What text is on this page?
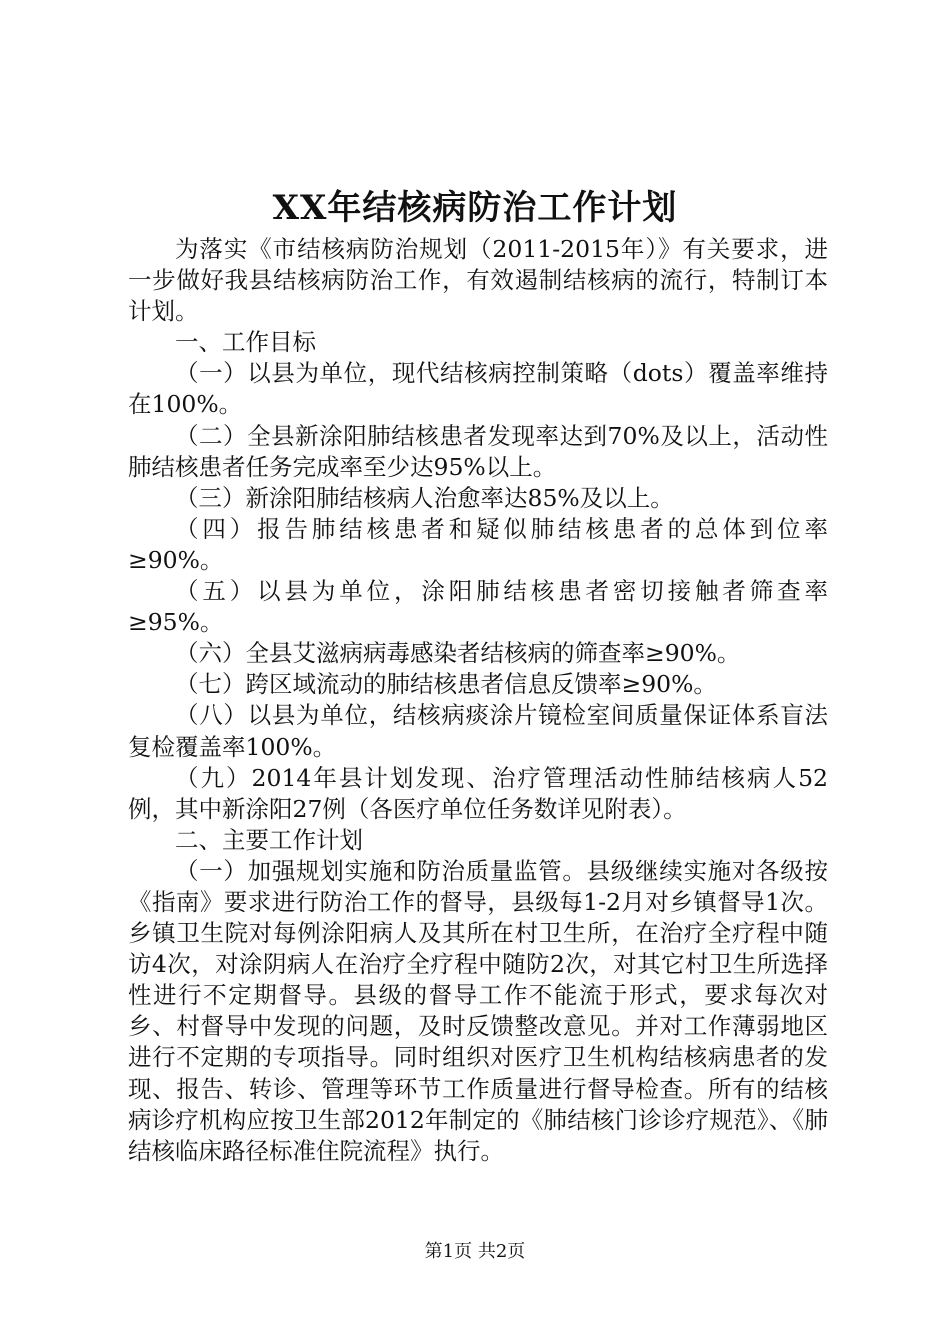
XX年结核病防治工作计划

为落实《市结核病防治规划（2011-2015年）》有关要求，进一步做好我县结核病防治工作，有效遏制结核病的流行，特制订本计划。

一、工作目标

（一）以县为单位，现代结核病控制策略（dots）覆盖率维持在100%。

（二）全县新涂阳肺结核患者发现率达到70%及以上，活动性肺结核患者任务完成率至少达95%以上。

（三）新涂阳肺结核病人治愈率达85%及以上。

（四）报告肺结核患者和疑似肺结核患者的总体到位率≥90%。

（五）以县为单位，涂阳肺结核患者密切接触者筛查率≥95%。

（六）全县艾滋病病毒感染者结核病的筛查率≥90%。

（七）跨区域流动的肺结核患者信息反馈率≥90%。

（八）以县为单位，结核病痰涂片镜检室间质量保证体系盲法复检覆盖率100%。

（九）2014年县计划发现、治疗管理活动性肺结核病人52例，其中新涂阳27例（各医疗单位任务数详见附表）。

二、主要工作计划

（一）加强规划实施和防治质量监管。县级继续实施对各级按《指南》要求进行防治工作的督导，县级每1-2月对乡镇督导1次。乡镇卫生院对每例涂阳病人及其所在村卫生所，在治疗全疗程中随访4次，对涂阴病人在治疗全疗程中随防2次，对其它村卫生所选择性进行不定期督导。县级的督导工作不能流于形式，要求每次对乡、村督导中发现的问题，及时反馈整改意见。并对工作薄弱地区进行不定期的专项指导。同时组织对医疗卫生机构结核病患者的发现、报告、转诊、管理等环节工作质量进行督导检查。所有的结核病诊疗机构应按卫生部2012年制定的《肺结核门诊诊疗规范》、《肺结核临床路径标准住院流程》执行。

第1页 共2页
